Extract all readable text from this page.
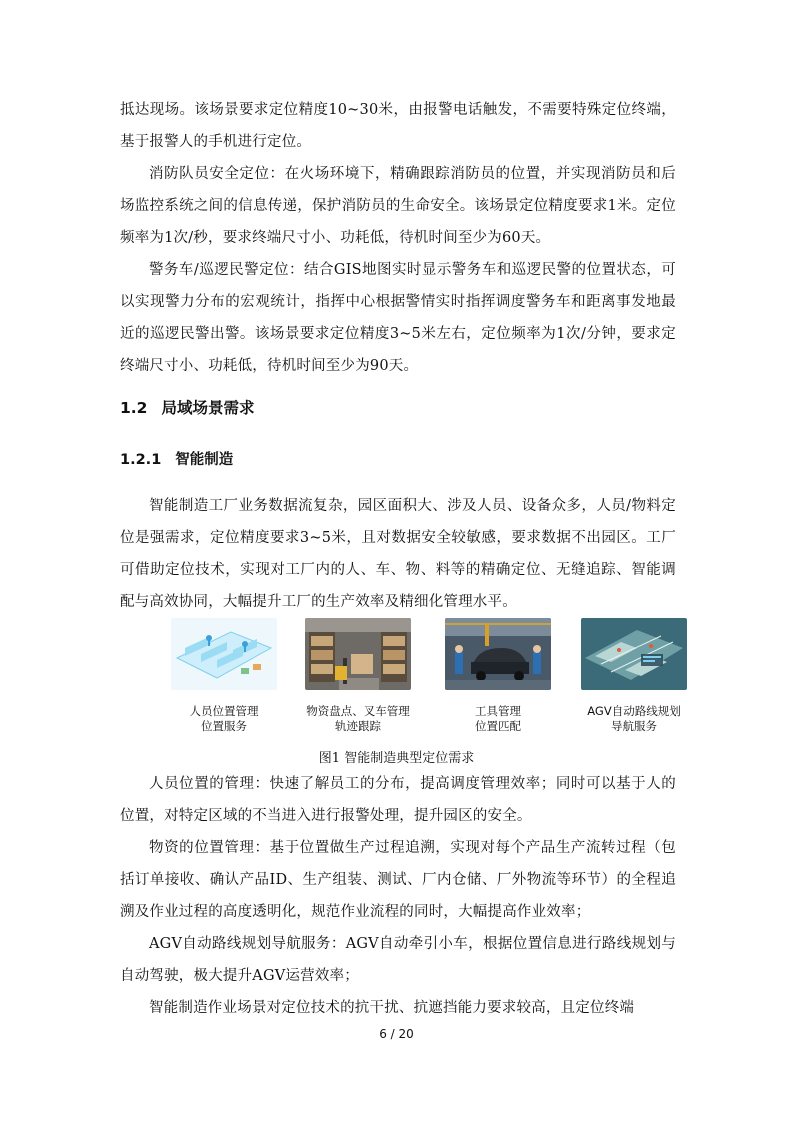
抵达现场。该场景要求定位精度10~30米，由报警电话触发，不需要特殊定位终端，基于报警人的手机进行定位。

消防队员安全定位：在火场环境下，精确跟踪消防员的位置，并实现消防员和后场监控系统之间的信息传递，保护消防员的生命安全。该场景定位精度要求1米。定位频率为1次/秒，要求终端尺寸小、功耗低，待机时间至少为60天。

警务车/巡逻民警定位：结合GIS地图实时显示警务车和巡逻民警的位置状态，可以实现警力分布的宏观统计，指挥中心根据警情实时指挥调度警务车和距离事发地最近的巡逻民警出警。该场景要求定位精度3~5米左右，定位频率为1次/分钟，要求定终端尺寸小、功耗低，待机时间至少为90天。

1.2 局域场景需求
1.2.1 智能制造

智能制造工厂业务数据流复杂，园区面积大、涉及人员、设备众多，人员/物料定位是强需求，定位精度要求3~5米，且对数据安全较敏感，要求数据不出园区。工厂可借助定位技术，实现对工厂内的人、车、物、料等的精确定位、无缝追踪、智能调配与高效协同，大幅提升工厂的生产效率及精细化管理水平。

人员位置管理
位置服务
物资盘点、叉车管理
轨迹跟踪
工具管理
位置匹配
AGV自动路线规划
导航服务
图1 智能制造典型定位需求

人员位置的管理：快速了解员工的分布，提高调度管理效率；同时可以基于人的位置，对特定区域的不当进入进行报警处理，提升园区的安全。

物资的位置管理：基于位置做生产过程追溯，实现对每个产品生产流转过程（包括订单接收、确认产品ID、生产组装、测试、厂内仓储、厂外物流等环节）的全程追溯及作业过程的高度透明化，规范作业流程的同时，大幅提高作业效率；

AGV自动路线规划导航服务：AGV自动牵引小车，根据位置信息进行路线规划与自动驾驶，极大提升AGV运营效率；

智能制造作业场景对定位技术的抗干扰、抗遮挡能力要求较高，且定位终端

6 / 20
